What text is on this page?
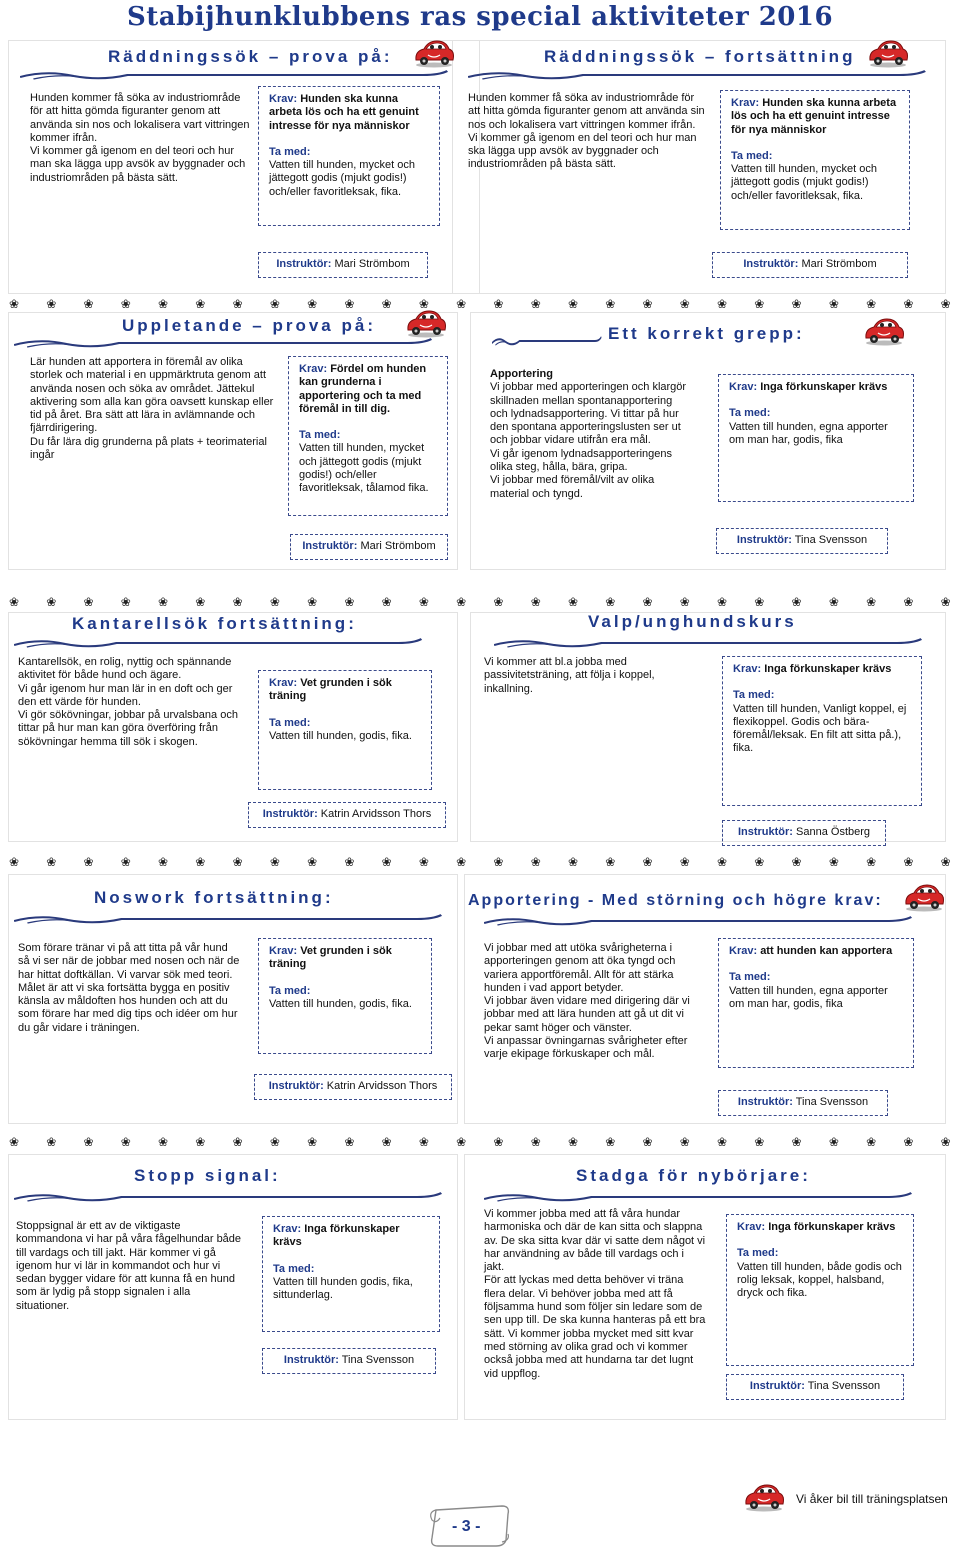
Stabijhunklubbens ras special aktiviteter 2016
Räddningssök – prova på:
Hunden kommer få söka av industriområde för att hitta gömda figuranter genom att använda sin nos och lokalisera vart vittringen kommer ifrån.
Vi kommer gå igenom en del teori och hur man ska lägga upp avsök av byggnader och industriområden på bästa sätt.
Krav: Hunden ska kunna arbeta lös och ha ett genuint intresse för nya människor
Ta med:
Vatten till hunden, mycket och jättegott godis (mjukt godis!) och/eller favoritleksak, fika.
Instruktör: Mari Strömbom
Räddningssök – fortsättning
Hunden kommer få söka av industriområde för att hitta gömda figuranter genom att använda sin nos och lokalisera vart vittringen kommer ifrån.
Vi kommer gå igenom en del teori och hur man ska lägga upp avsök av byggnader och industriområden på bästa sätt.
Krav: Hunden ska kunna arbeta lös och ha ett genuint intresse för nya människor
Ta med:
Vatten till hunden, mycket och jättegott godis (mjukt godis!) och/eller favoritleksak, fika.
Instruktör: Mari Strömbom
❀ ❀ ❀ ❀ ❀ ❀ ❀ ❀ ❀ ❀ ❀ ❀ ❀ ❀ ❀ ❀ ❀ ❀ ❀ ❀ ❀ ❀ ❀ ❀ ❀ ❀
Uppletande – prova på:
Lär hunden att apportera in föremål av olika storlek och material i en uppmärktruta genom att använda nosen och söka av området. Jättekul aktivering som alla kan göra oavsett kunskap eller tid på året. Bra sätt att lära in avlämnande och fjärrdirigering.
Du får lära dig grunderna på plats + teorimaterial ingår
Krav: Fördel om hunden kan grunderna i apportering och ta med föremål in till dig.
Ta med:
Vatten till hunden, mycket och jättegott godis (mjukt godis!) och/eller favoritleksak, tålamod fika.
Instruktör: Mari Strömbom
Ett korrekt grepp:
Apportering
Vi jobbar med apporteringen och klargör skillnaden mellan spontanapportering och lydnadsapportering. Vi tittar på hur den spontana apporteringslusten ser ut och jobbar vidare utifrån era mål.
Vi går igenom lydnadsapporteringens olika steg, hålla, bära, gripa.
Vi jobbar med föremål/vilt av olika material och tyngd.
Krav: Inga förkunskaper krävs
Ta med:
Vatten till hunden, egna apporter om man har, godis, fika
Instruktör: Tina Svensson
❀ ❀ ❀ ❀ ❀ ❀ ❀ ❀ ❀ ❀ ❀ ❀ ❀ ❀ ❀ ❀ ❀ ❀ ❀ ❀ ❀ ❀ ❀ ❀ ❀ ❀
Kantarellsök fortsättning:
Kantarellsök, en rolig, nyttig och spännande aktivitet för både hund och ägare.
Vi går igenom hur man lär in en doft och ger den ett värde för hunden.
Vi gör sökövningar, jobbar på urvalsbana och tittar på hur man kan göra överföring från sökövningar hemma till sök i skogen.
Krav: Vet grunden i sök träning
Ta med:
Vatten till hunden, godis, fika.
Instruktör: Katrin Arvidsson Thors
Valp/unghundskurs
Vi kommer att bl.a jobba med passivitetsträning, att följa i koppel, inkallning.
Krav: Inga förkunskaper krävs
Ta med:
Vatten till hunden, Vanligt koppel, ej flexikoppel. Godis och bära-föremål/leksak. En filt att sitta på.), fika.
Instruktör: Sanna Östberg
❀ ❀ ❀ ❀ ❀ ❀ ❀ ❀ ❀ ❀ ❀ ❀ ❀ ❀ ❀ ❀ ❀ ❀ ❀ ❀ ❀ ❀ ❀ ❀ ❀ ❀
Noswork fortsättning:
Som förare tränar vi på att titta på vår hund så vi ser när de jobbar med nosen och när de har hittat doftkällan. Vi varvar sök med teori. Målet är att vi ska fortsätta bygga en positiv känsla av måldoften hos hunden och att du som förare har med dig tips och idéer om hur du går vidare i träningen.
Krav: Vet grunden i sök träning
Ta med:
Vatten till hunden, godis, fika.
Instruktör: Katrin Arvidsson Thors
Apportering - Med störning och högre krav:
Vi jobbar med att utöka svårigheterna i apporteringen genom att öka tyngd och variera apportföremål. Allt för att stärka hunden i vad apport betyder.
Vi jobbar även vidare med dirigering där vi jobbar med att lära hunden att gå ut dit vi pekar samt höger och vänster.
Vi anpassar övningarnas svårigheter efter varje ekipage förkuskaper och mål.
Krav: att hunden kan apportera
Ta med:
Vatten till hunden, egna apporter om man har, godis, fika
Instruktör: Tina Svensson
❀ ❀ ❀ ❀ ❀ ❀ ❀ ❀ ❀ ❀ ❀ ❀ ❀ ❀ ❀ ❀ ❀ ❀ ❀ ❀ ❀ ❀ ❀ ❀ ❀ ❀
Stopp signal:
Stoppsignal är ett av de viktigaste kommandona vi har på våra fågelhundar både till vardags och till jakt. Här kommer vi gå igenom hur vi lär in kommandot och hur vi sedan bygger vidare för att kunna få en hund som är lydig på stopp signalen i alla situationer.
Krav: Inga förkunskaper krävs
Ta med:
Vatten till hunden godis, fika, sittunderlag.
Instruktör: Tina Svensson
Stadga för nybörjare:
Vi kommer jobba med att få våra hundar harmoniska och där de kan sitta och slappna av. De ska sitta kvar där vi satte dem något vi har användning av både till vardags och i jakt.
För att lyckas med detta behöver vi träna flera delar. Vi behöver jobba med att få följsamma hund som följer sin ledare som de sen upp till. De ska kunna hanteras på ett bra sätt. Vi kommer jobba mycket med sitt kvar med störning av olika grad och vi kommer också jobba med att hundarna tar det lugnt vid uppflog.
Krav: Inga förkunskaper krävs
Ta med:
Vatten till hunden, både godis och rolig leksak, koppel, halsband, dryck och fika.
Instruktör: Tina Svensson
- 3 -
Vi åker bil till träningsplatsen
